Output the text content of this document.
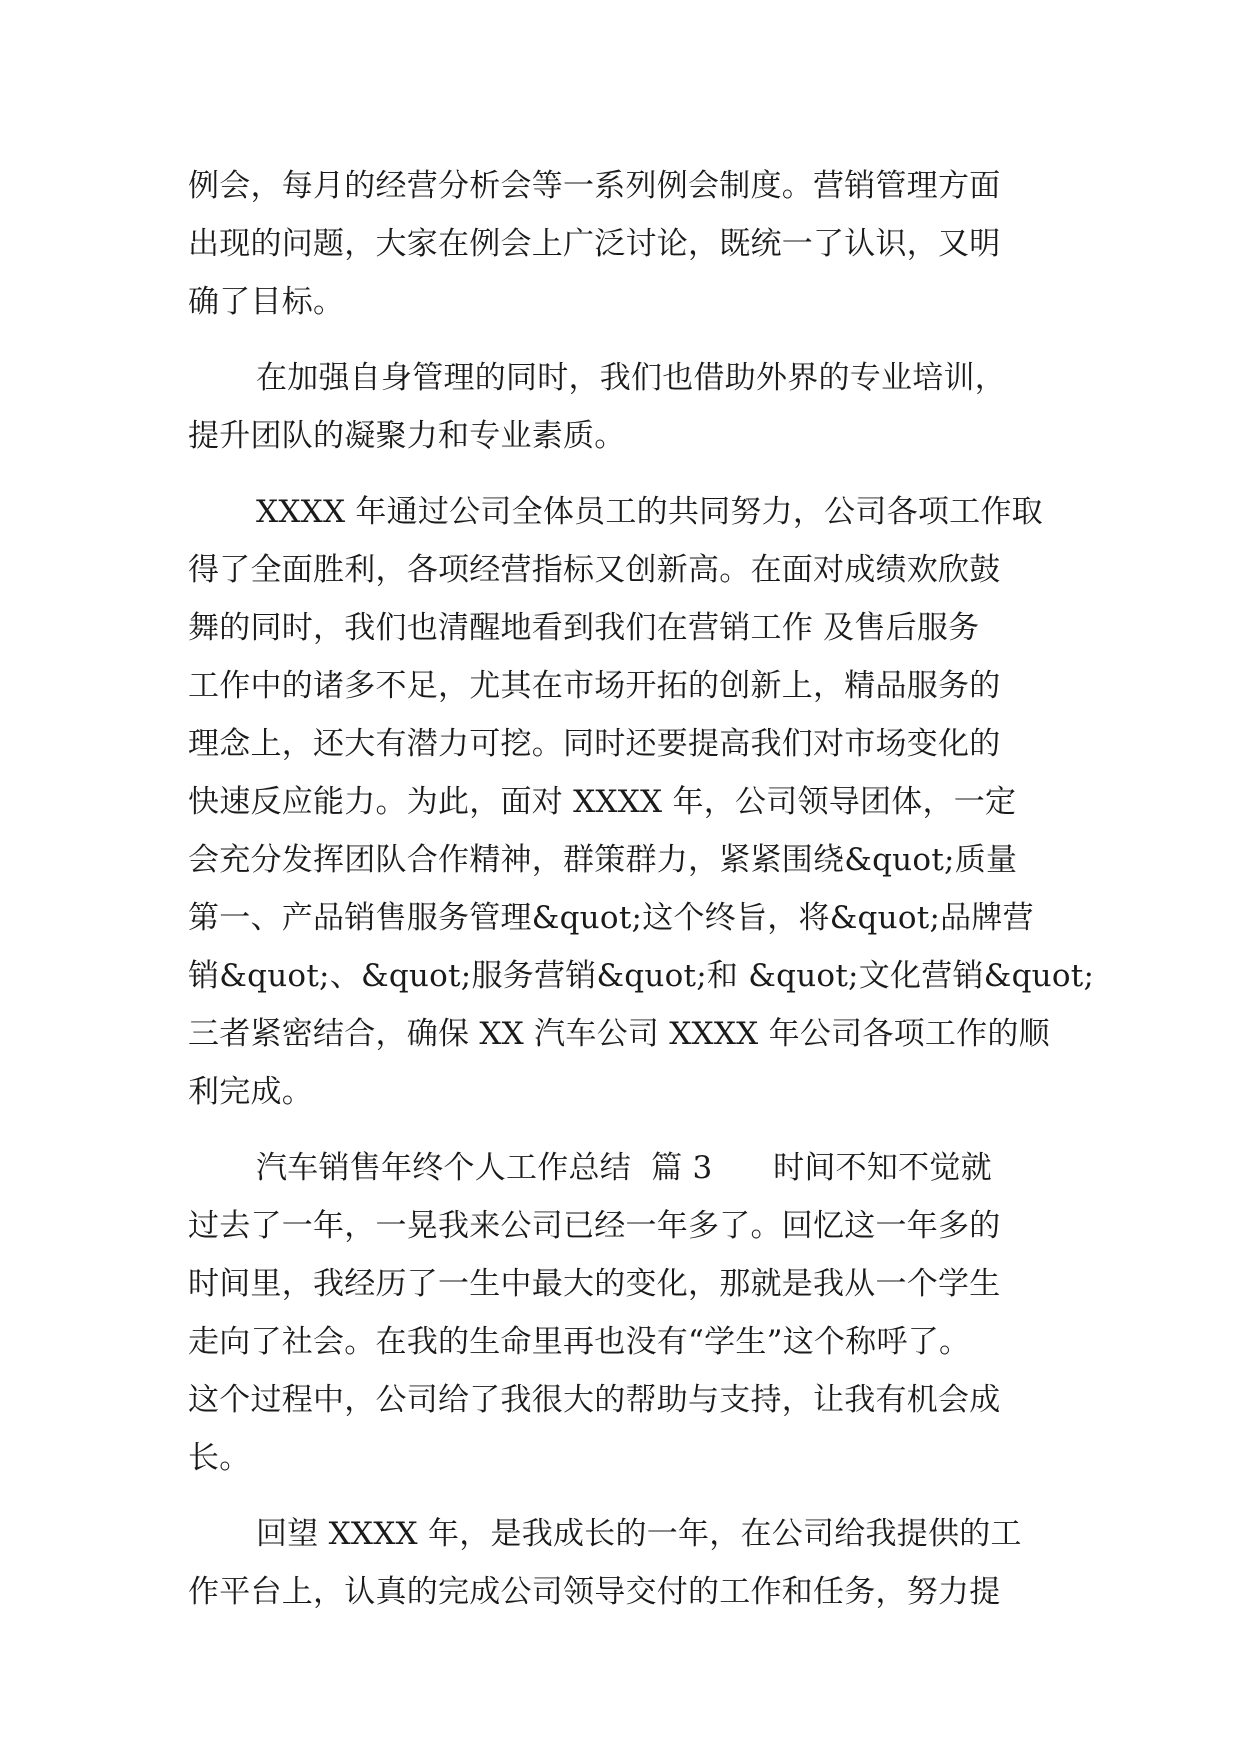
例会，每月的经营分析会等一系列例会制度。营销管理方面
出现的问题，大家在例会上广泛讨论，既统一了认识，又明
确了目标。
在加强自身管理的同时，我们也借助外界的专业培训，
提升团队的凝聚力和专业素质。
XXXX 年通过公司全体员工的共同努力，公司各项工作取
得了全面胜利，各项经营指标又创新高。在面对成绩欢欣鼓
舞的同时，我们也清醒地看到我们在营销工作 及售后服务
工作中的诸多不足，尤其在市场开拓的创新上，精品服务的
理念上，还大有潜力可挖。同时还要提高我们对市场变化的
快速反应能力。为此，面对 XXXX 年，公司领导团体，一定
会充分发挥团队合作精神，群策群力，紧紧围绕&quot;质量
第一、产品销售服务管理&quot;这个终旨，将&quot;品牌营
销&quot;、&quot;服务营销&quot;和 &quot;文化营销&quot;
三者紧密结合，确保 XX 汽车公司 XXXX 年公司各项工作的顺
利完成。
汽车销售年终个人工作总结  篇 3      时间不知不觉就
过去了一年，一晃我来公司已经一年多了。回忆这一年多的
时间里，我经历了一生中最大的变化，那就是我从一个学生
走向了社会。在我的生命里再也没有“学生”这个称呼了。
这个过程中，公司给了我很大的帮助与支持，让我有机会成
长。
回望 XXXX 年，是我成长的一年，在公司给我提供的工
作平台上，认真的完成公司领导交付的工作和任务，努力提
